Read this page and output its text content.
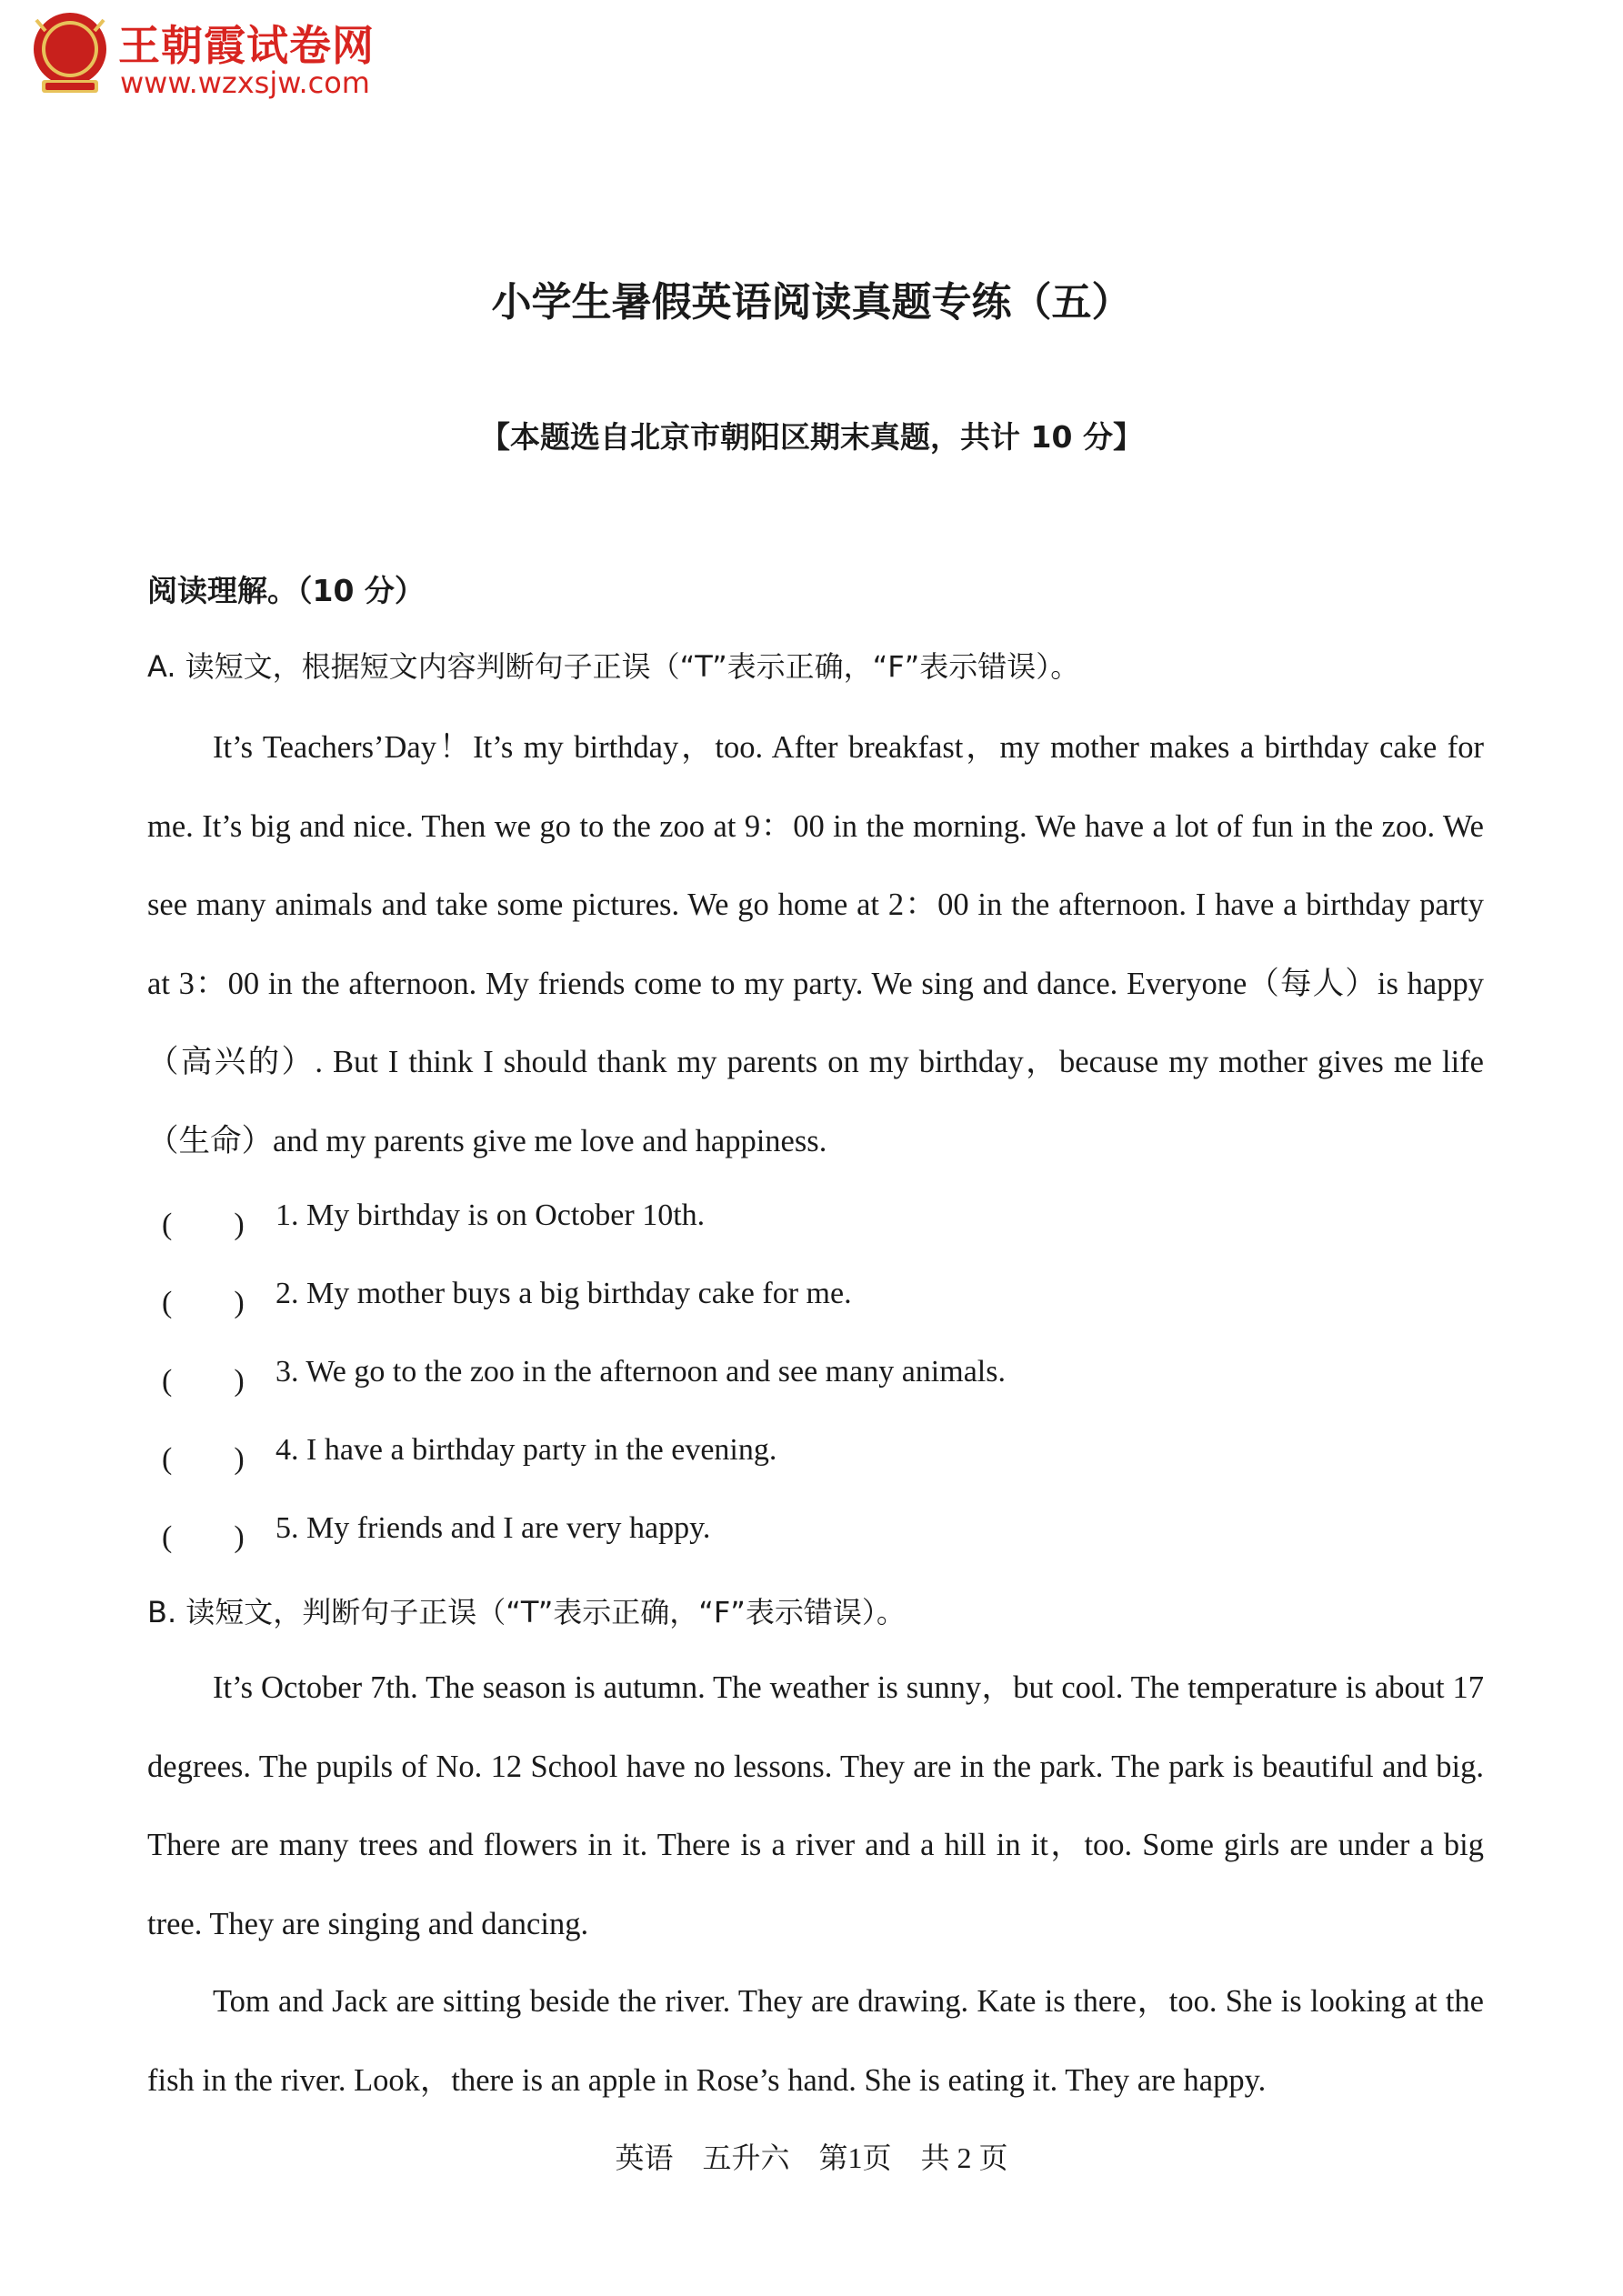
王朝霞试卷网
www.wzxsjw.com
小学生暑假英语阅读真题专练（五）
【本题选自北京市朝阳区期末真题，共计 10 分】
阅读理解。（10 分）
A. 读短文，根据短文内容判断句子正误（“T”表示正确，“F”表示错误）。
It’s Teachers’Day！It’s my birthday，too. After breakfast，my mother makes a birthday cake for me. It’s big and nice. Then we go to the zoo at 9：00 in the morning. We have a lot of fun in the zoo. We see many animals and take some pictures. We go home at 2：00 in the afternoon. I have a birthday party at 3：00 in the afternoon. My friends come to my party. We sing and dance. Everyone（每人）is happy（高兴的）. But I think I should thank my parents on my birthday，because my mother gives me life（生命）and my parents give me love and happiness.
(　　)	1. My birthday is on October 10th.
(　　)	2. My mother buys a big birthday cake for me.
(　　)	3. We go to the zoo in the afternoon and see many animals.
(　　)	4. I have a birthday party in the evening.
(　　)	5. My friends and I are very happy.
B. 读短文，判断句子正误（“T”表示正确，“F”表示错误）。
It’s October 7th. The season is autumn. The weather is sunny，but cool. The temperature is about 17 degrees. The pupils of No. 12 School have no lessons. They are in the park. The park is beautiful and big. There are many trees and flowers in it. There is a river and a hill in it，too. Some girls are under a big tree. They are singing and dancing.
Tom and Jack are sitting beside the river. They are drawing. Kate is there，too. She is looking at the fish in the river. Look，there is an apple in Rose’s hand. She is eating it. They are happy.
英语　五升六　第1页　共 2 页
